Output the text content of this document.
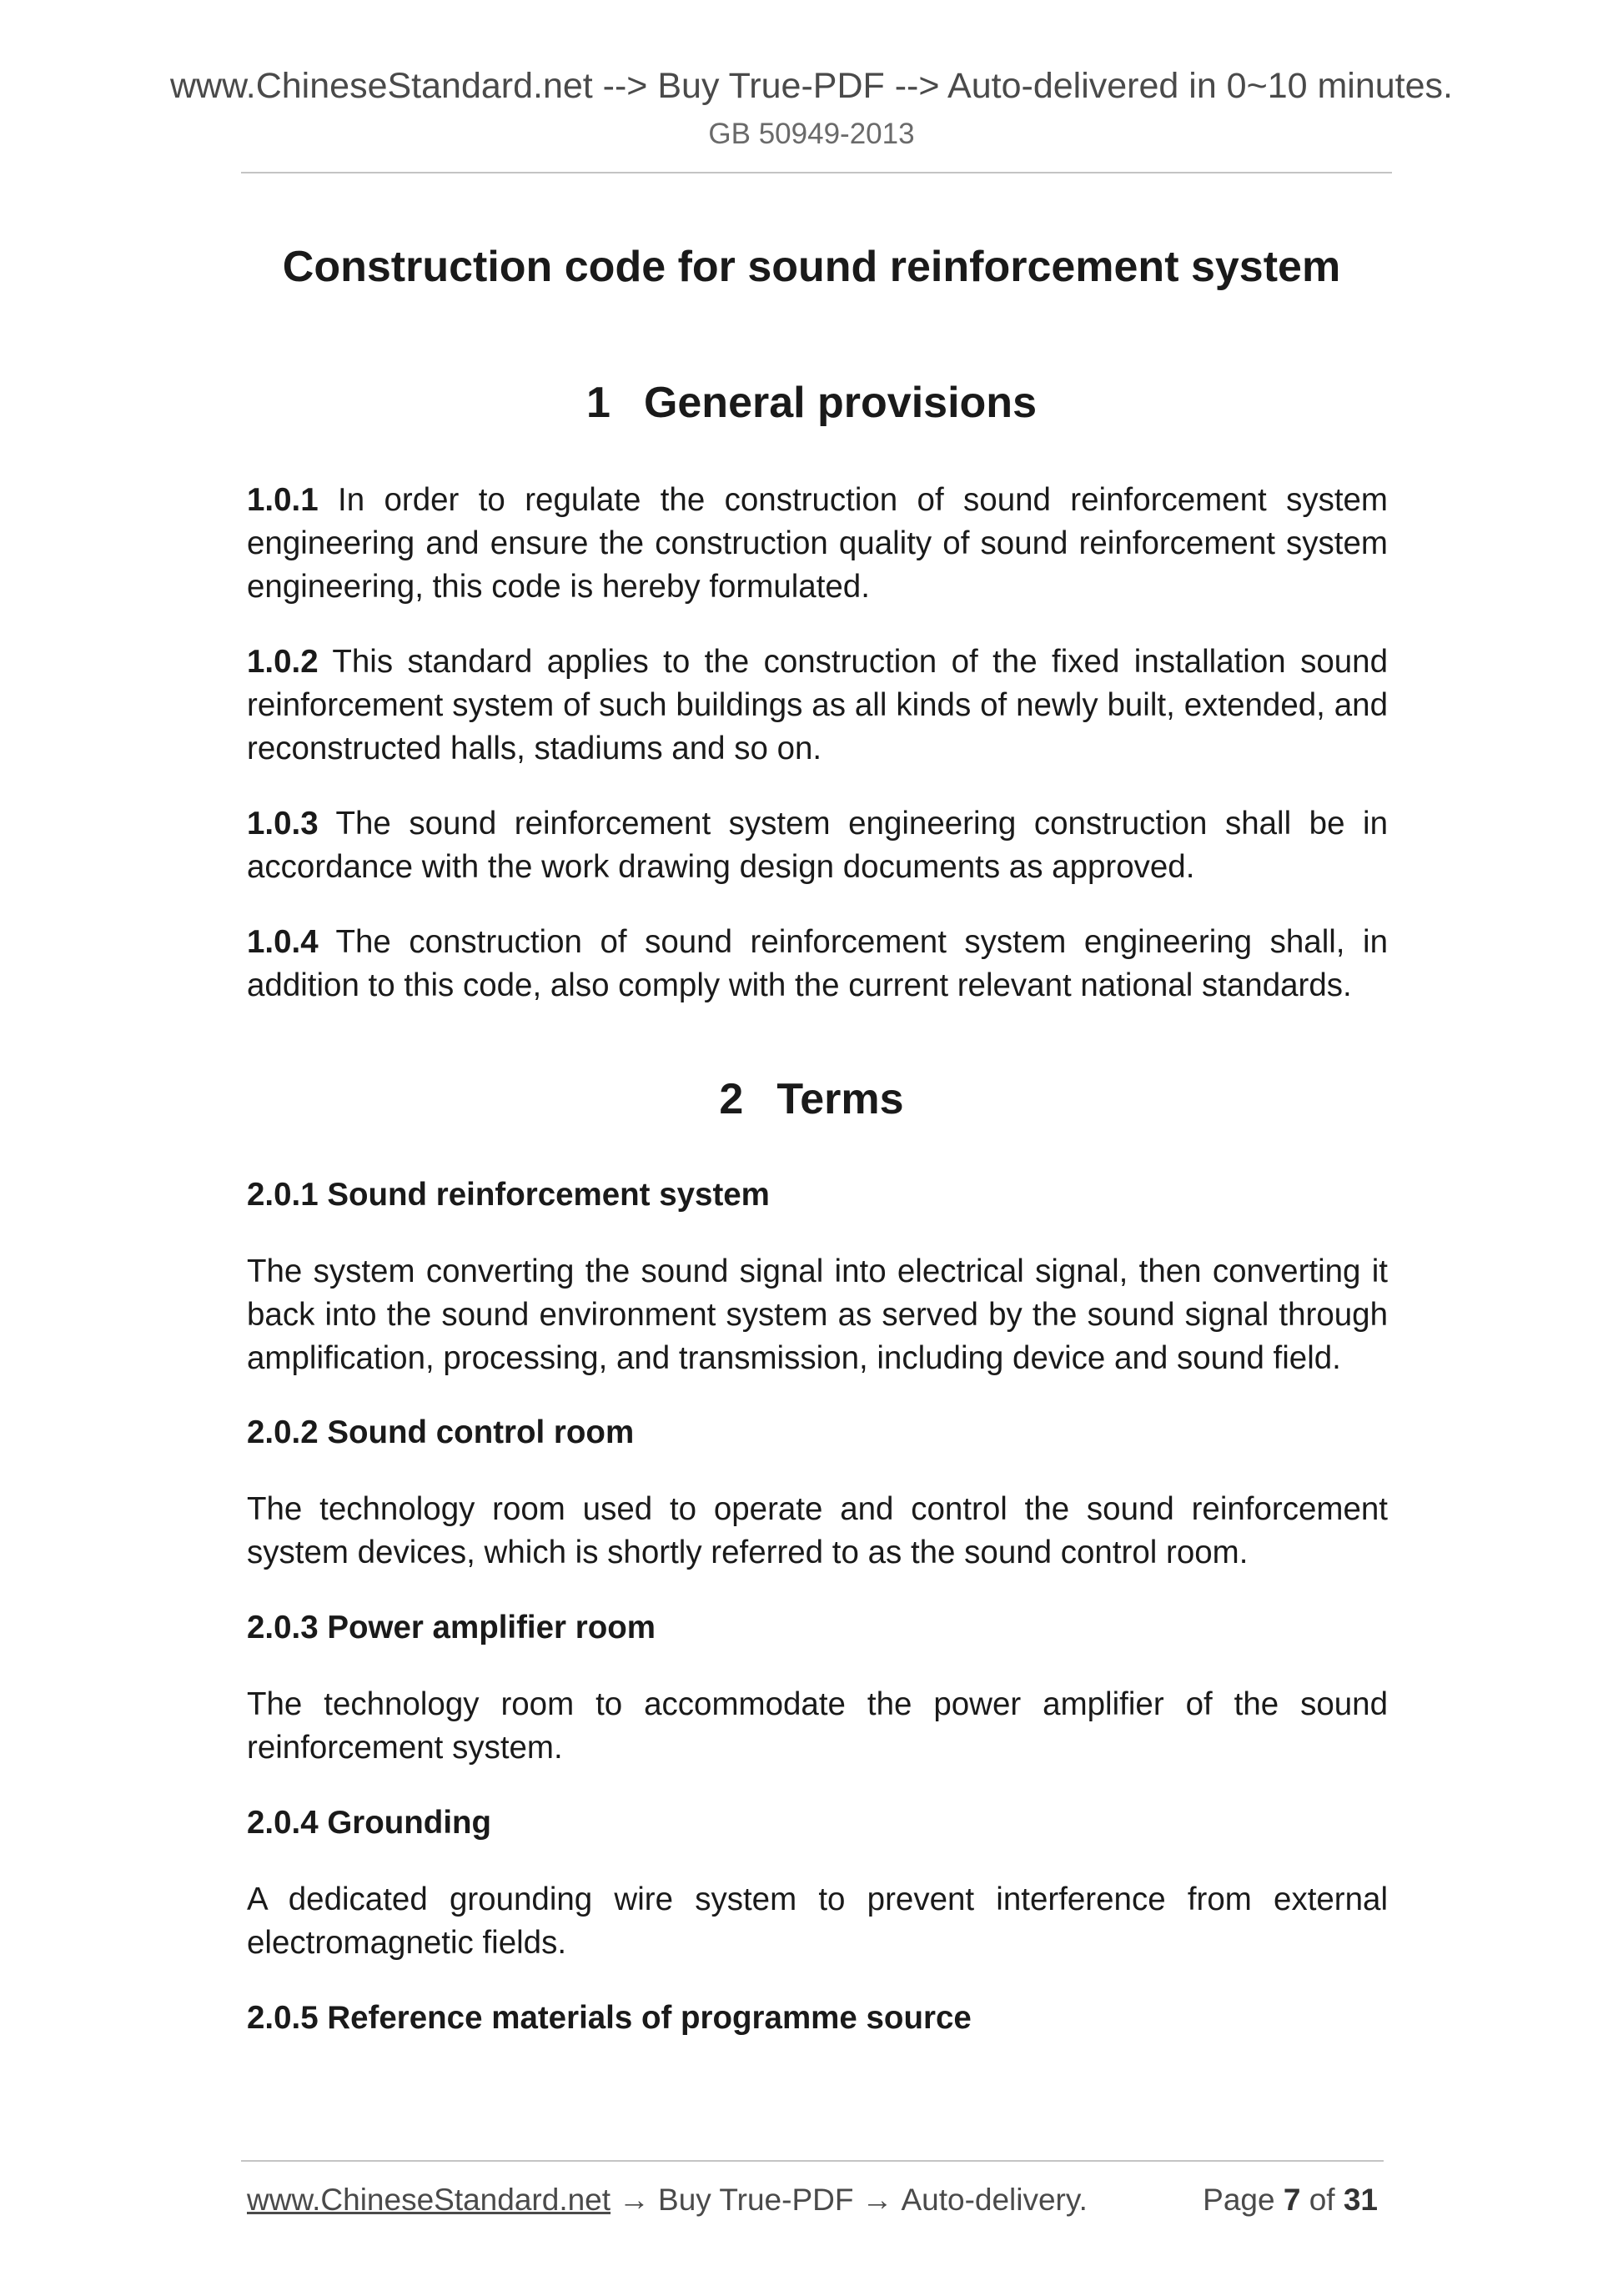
www.ChineseStandard.net --> Buy True-PDF --> Auto-delivered in 0~10 minutes.
GB 50949-2013
Construction code for sound reinforcement system
1 General provisions

1.0.1 In order to regulate the construction of sound reinforcement system engineering and ensure the construction quality of sound reinforcement system engineering, this code is hereby formulated.

1.0.2 This standard applies to the construction of the fixed installation sound reinforcement system of such buildings as all kinds of newly built, extended, and reconstructed halls, stadiums and so on.

1.0.3 The sound reinforcement system engineering construction shall be in accordance with the work drawing design documents as approved.

1.0.4 The construction of sound reinforcement system engineering shall, in addition to this code, also comply with the current relevant national standards.

2 Terms
2.0.1 Sound reinforcement system

The system converting the sound signal into electrical signal, then converting it back into the sound environment system as served by the sound signal through amplification, processing, and transmission, including device and sound field.

2.0.2 Sound control room

The technology room used to operate and control the sound reinforcement system devices, which is shortly referred to as the sound control room.

2.0.3 Power amplifier room

The technology room to accommodate the power amplifier of the sound reinforcement system.

2.0.4 Grounding

A dedicated grounding wire system to prevent interference from external electromagnetic fields.

2.0.5 Reference materials of programme source
www.ChineseStandard.net → Buy True-PDF → Auto-delivery.	Page 7 of 31
